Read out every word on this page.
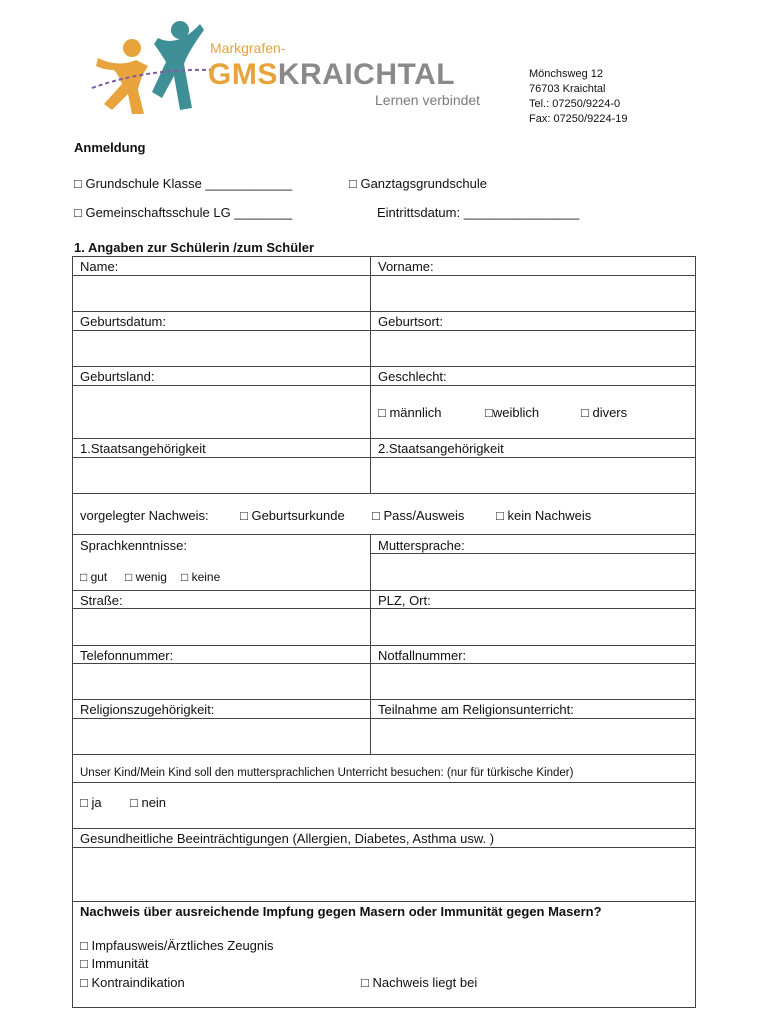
Markgrafen-
GMSKRAICHTAL
Lernen verbindet
Mönchsweg 12
76703 Kraichtal
Tel.: 07250/9224-0
Fax: 07250/9224-19
Anmeldung
□ Grundschule Klasse ____________	□ Ganztagsgrundschule
□ Gemeinschaftsschule LG ________	Eintrittsdatum: ________________
1. Angaben zur Schülerin /zum Schüler
Name:	Vorname:
Geburtsdatum:	Geburtsort:
Geburtsland:	Geschlecht:
□ männlich	□weiblich	□ divers
1.Staatsangehörigkeit	2.Staatsangehörigkeit
vorgelegter Nachweis: □ Geburtsurkunde □ Pass/Ausweis □ kein Nachweis
Sprachkenntnisse:	Muttersprache:
□ gut □ wenig □ keine
Straße:	PLZ, Ort:
Telefonnummer:	Notfallnummer:
Religionszugehörigkeit:	Teilnahme am Religionsunterricht:
Unser Kind/Mein Kind soll den muttersprachlichen Unterricht besuchen: (nur für türkische Kinder)
□ ja □ nein
Gesundheitliche Beeinträchtigungen (Allergien, Diabetes, Asthma usw. )
Nachweis über ausreichende Impfung gegen Masern oder Immunität gegen Masern?
□ Impfausweis/Ärztliches Zeugnis
□ Immunität
□ Kontraindikation	□ Nachweis liegt bei
